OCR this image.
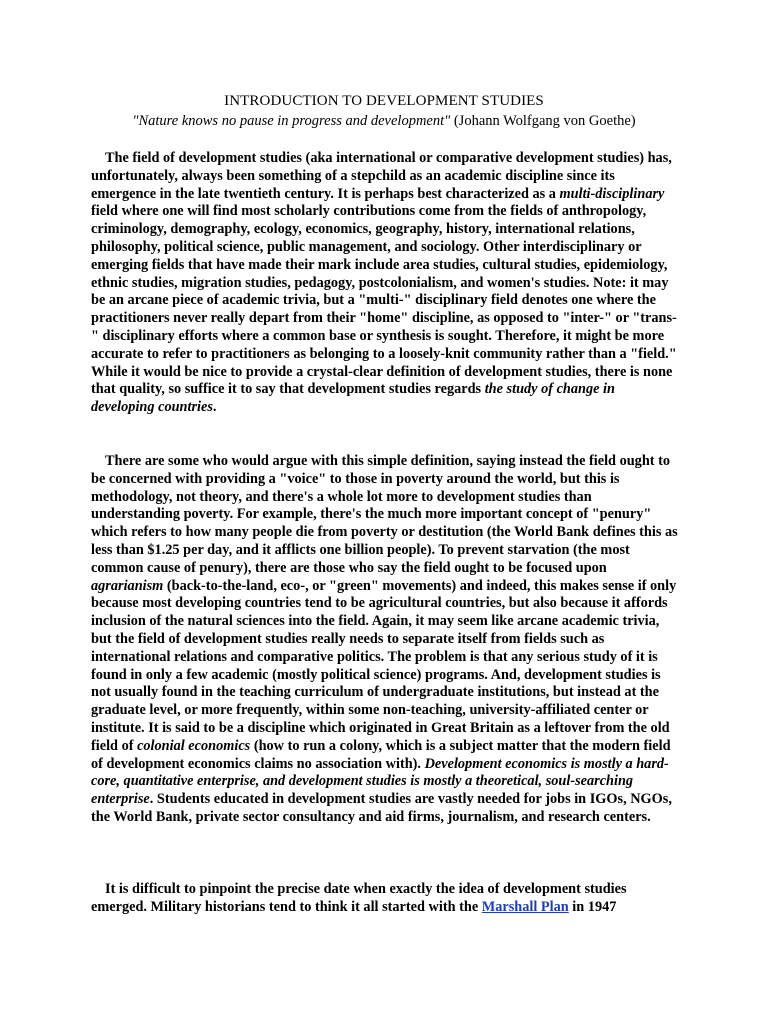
INTRODUCTION TO DEVELOPMENT STUDIES
"Nature knows no pause in progress and development" (Johann Wolfgang von Goethe)

The field of development studies (aka international or comparative development studies) has, unfortunately, always been something of a stepchild as an academic discipline since its emergence in the late twentieth century. It is perhaps best characterized as a multi-disciplinary field where one will find most scholarly contributions come from the fields of anthropology, criminology, demography, ecology, economics, geography, history, international relations, philosophy, political science, public management, and sociology. Other interdisciplinary or emerging fields that have made their mark include area studies, cultural studies, epidemiology, ethnic studies, migration studies, pedagogy, postcolonialism, and women's studies. Note: it may be an arcane piece of academic trivia, but a "multi-" disciplinary field denotes one where the practitioners never really depart from their "home" discipline, as opposed to "inter-" or "trans-" disciplinary efforts where a common base or synthesis is sought. Therefore, it might be more accurate to refer to practitioners as belonging to a loosely-knit community rather than a "field." While it would be nice to provide a crystal-clear definition of development studies, there is none that quality, so suffice it to say that development studies regards the study of change in developing countries.

There are some who would argue with this simple definition, saying instead the field ought to be concerned with providing a "voice" to those in poverty around the world, but this is methodology, not theory, and there's a whole lot more to development studies than understanding poverty. For example, there's the much more important concept of "penury" which refers to how many people die from poverty or destitution (the World Bank defines this as less than $1.25 per day, and it afflicts one billion people). To prevent starvation (the most common cause of penury), there are those who say the field ought to be focused upon agrarianism (back-to-the-land, eco-, or "green" movements) and indeed, this makes sense if only because most developing countries tend to be agricultural countries, but also because it affords inclusion of the natural sciences into the field. Again, it may seem like arcane academic trivia, but the field of development studies really needs to separate itself from fields such as international relations and comparative politics. The problem is that any serious study of it is found in only a few academic (mostly political science) programs. And, development studies is not usually found in the teaching curriculum of undergraduate institutions, but instead at the graduate level, or more frequently, within some non-teaching, university-affiliated center or institute. It is said to be a discipline which originated in Great Britain as a leftover from the old field of colonial economics (how to run a colony, which is a subject matter that the modern field of development economics claims no association with). Development economics is mostly a hard-core, quantitative enterprise, and development studies is mostly a theoretical, soul-searching enterprise. Students educated in development studies are vastly needed for jobs in IGOs, NGOs, the World Bank, private sector consultancy and aid firms, journalism, and research centers.

It is difficult to pinpoint the precise date when exactly the idea of development studies emerged. Military historians tend to think it all started with the Marshall Plan in 1947
